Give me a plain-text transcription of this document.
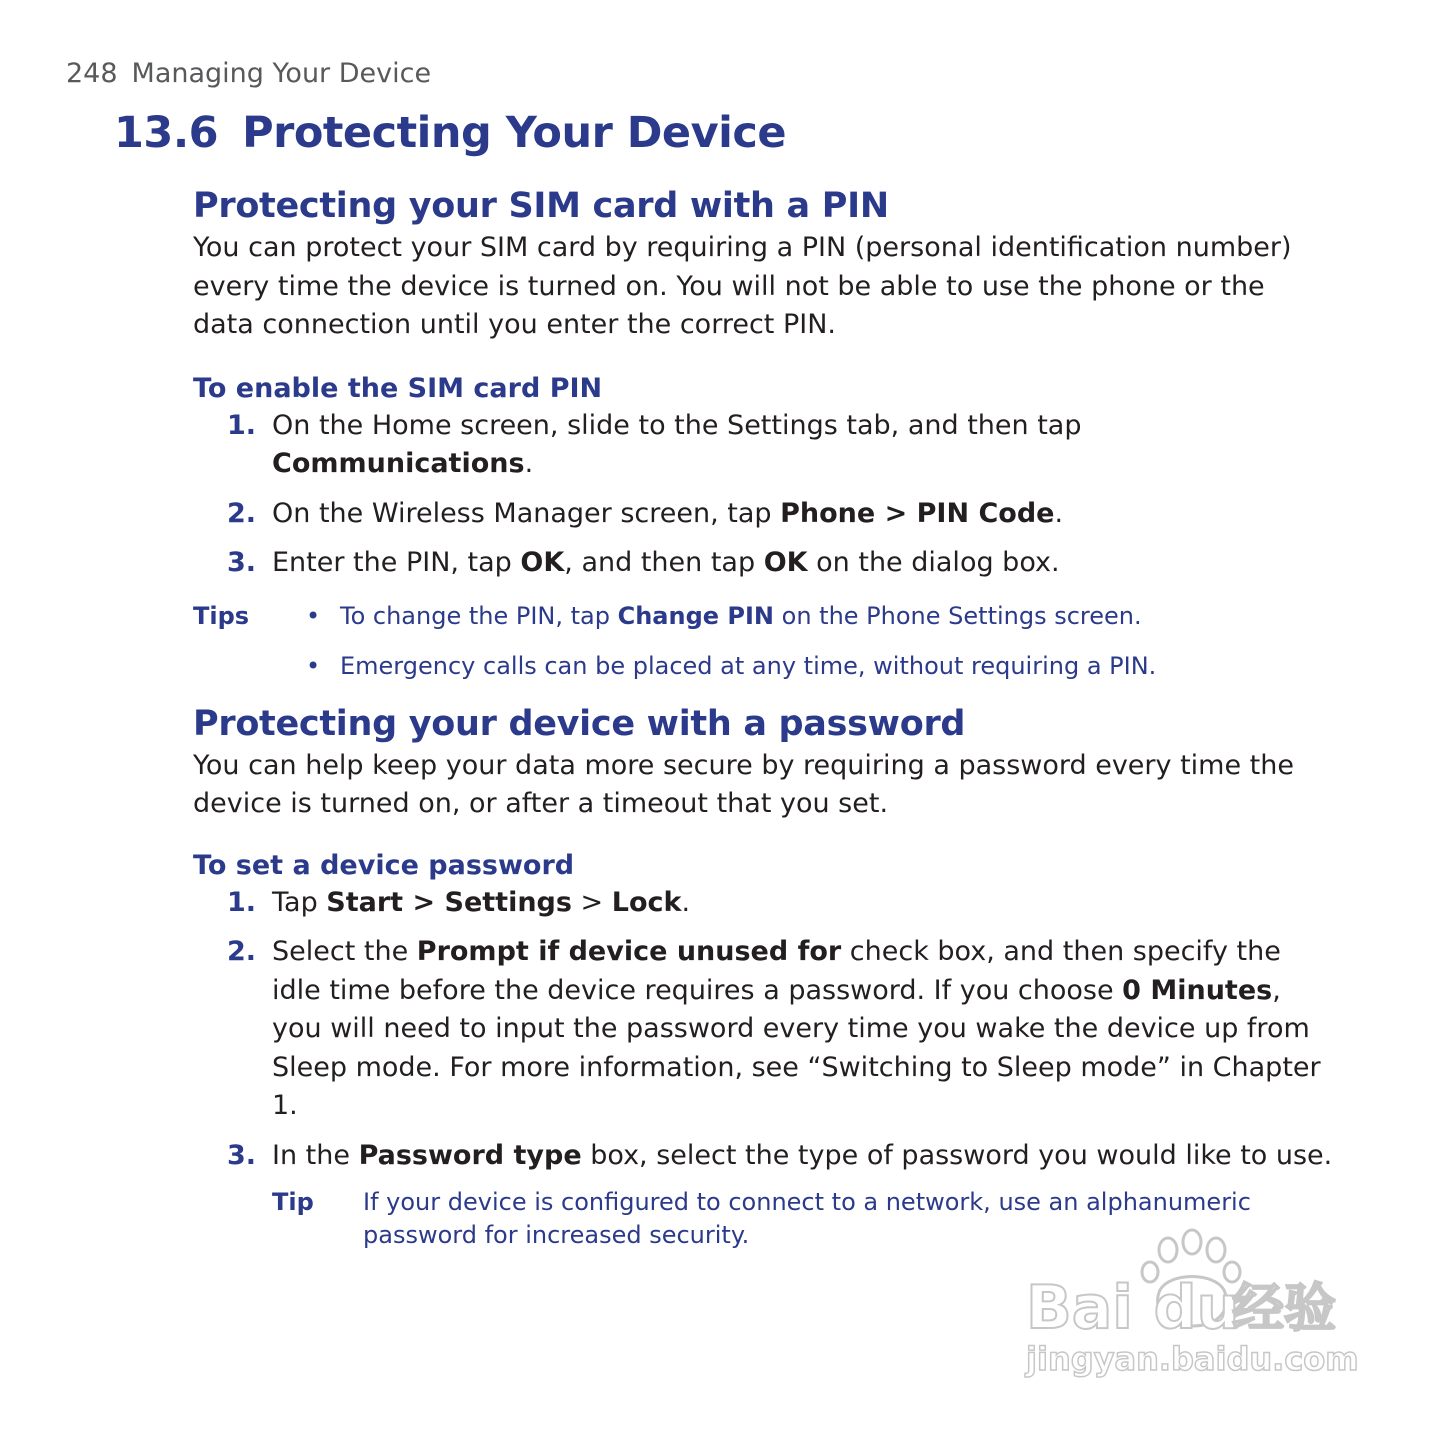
248 Managing Your Device
13.6 Protecting Your Device
Protecting your SIM card with a PIN

You can protect your SIM card by requiring a PIN (personal identification number) every time the device is turned on. You will not be able to use the phone or the data connection until you enter the correct PIN.

To enable the SIM card PIN
1. On the Home screen, slide to the Settings tab, and then tap Communications.
2. On the Wireless Manager screen, tap Phone > PIN Code.
3. Enter the PIN, tap OK, and then tap OK on the dialog box.
Tips • To change the PIN, tap Change PIN on the Phone Settings screen.
• Emergency calls can be placed at any time, without requiring a PIN.
Protecting your device with a password

You can help keep your data more secure by requiring a password every time the device is turned on, or after a timeout that you set.

To set a device password
1. Tap Start > Settings > Lock.
2. Select the Prompt if device unused for check box, and then specify the idle time before the device requires a password. If you choose 0 Minutes, you will need to input the password every time you wake the device up from Sleep mode. For more information, see “Switching to Sleep mode” in Chapter 1.
3. In the Password type box, select the type of password you would like to use.
Tip If your device is configured to connect to a network, use an alphanumeric password for increased security.
Bai du
经验
jingyan.baidu.com
